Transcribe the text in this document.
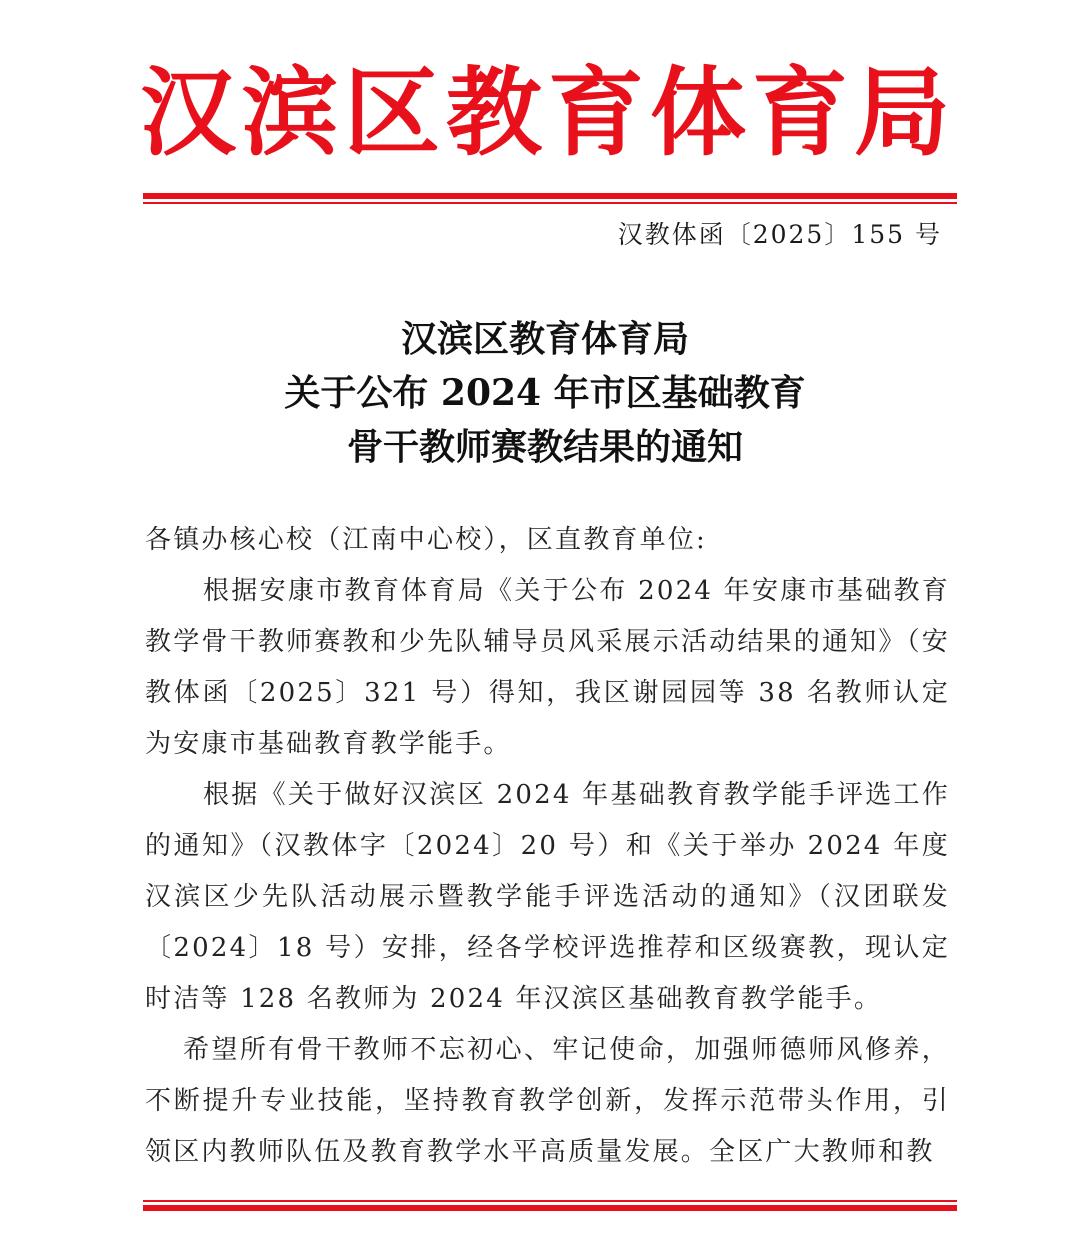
汉 滨 区 教 育 体 育 局
汉教体函〔2025〕155 号
汉滨区教育体育局
关于公布 2024 年市区基础教育
骨干教师赛教结果的通知

各镇办核心校（江南中心校），区直教育单位:

根据安康市教育体育局《关于公布 2024 年安康市基础教育教学骨干教师赛教和少先队辅导员风采展示活动结果的通知》（安教体函〔2025〕321 号）得知，我区谢园园等 38 名教师认定为安康市基础教育教学能手。

根据《关于做好汉滨区 2024 年基础教育教学能手评选工作的通知》（汉教体字〔2024〕20 号）和《关于举办 2024 年度汉滨区少先队活动展示暨教学能手评选活动的通知》（汉团联发〔2024〕18 号）安排，经各学校评选推荐和区级赛教，现认定时洁等 128 名教师为 2024 年汉滨区基础教育教学能手。

希望所有骨干教师不忘初心、牢记使命，加强师德师风修养，不断提升专业技能，坚持教育教学创新，发挥示范带头作用，引领区内教师队伍及教育教学水平高质量发展。全区广大教师和教
